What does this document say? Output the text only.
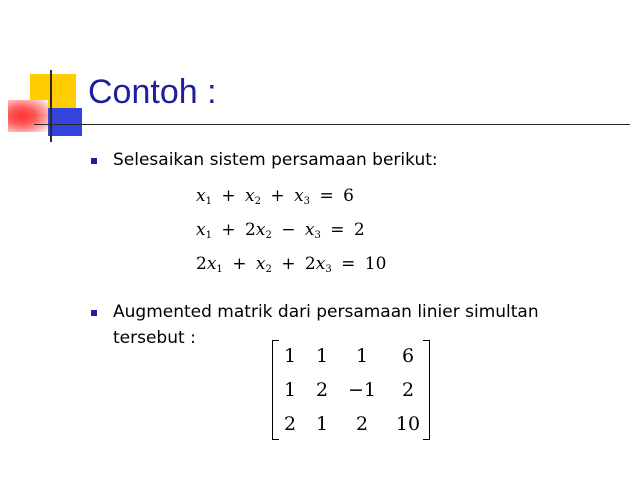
Contoh :
Selesaikan sistem persamaan berikut:
$x_1 + x_2 + x_3 = 6$
$x_1 + 2x_2 - x_3 = 2$
$2x_1 + x_2 + 2x_3 = 10$
Augmented matrik dari persamaan linier simultan
tersebut :
1	1	1	6
1	2	−1	2
2	1	2	10
